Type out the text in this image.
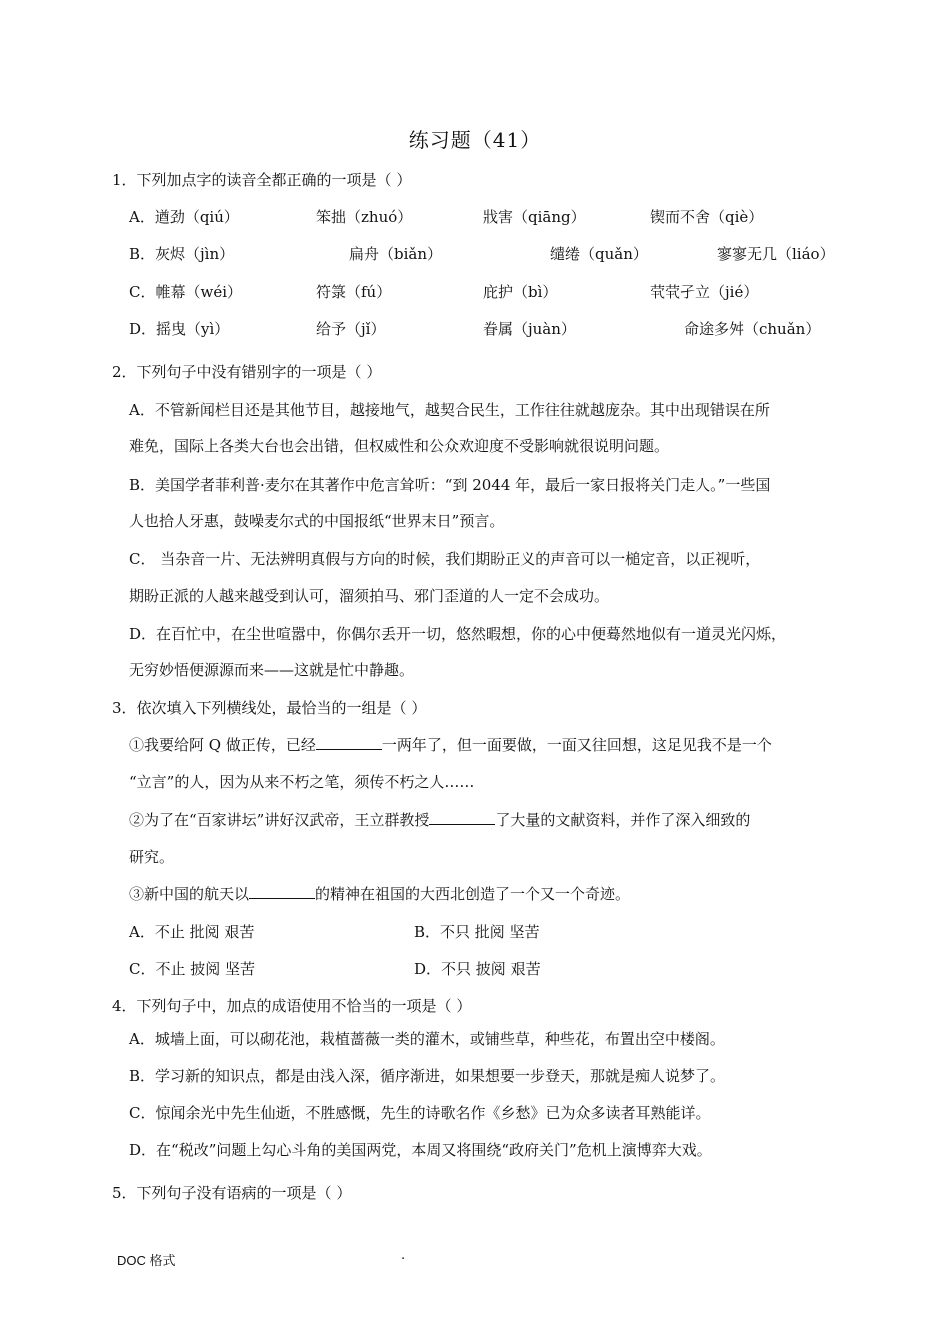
练习题（41）
1．下列加点字的读音全都正确的一项是（ ）
A．遒劲（qiú）	笨拙（zhuó）	戕害（qiāng）	锲而不舍（qiè）
B．灰烬（jìn）	扁舟（biǎn）	缱绻（quǎn）	寥寥无几（liáo）
C．帷幕（wéi）	符箓（fú）	庇护（bì）	茕茕孑立（jié）
D．摇曳（yì）	给予（jǐ）	眷属（juàn）	命途多舛（chuǎn）
2．下列句子中没有错别字的一项是（ ）
A．不管新闻栏目还是其他节目，越接地气，越契合民生，工作往往就越庞杂。其中出现错误在所
难免，国际上各类大台也会出错，但权威性和公众欢迎度不受影响就很说明问题。
B．美国学者菲利普·麦尔在其著作中危言耸听：“到 2044 年，最后一家日报将关门走人。”一些国
人也拾人牙惠，鼓噪麦尔式的中国报纸“世界末日”预言。
C． 当杂音一片、无法辨明真假与方向的时候，我们期盼正义的声音可以一槌定音，以正视听，
期盼正派的人越来越受到认可，溜须拍马、邪门歪道的人一定不会成功。
D．在百忙中，在尘世喧嚣中，你偶尔丢开一切，悠然暇想，你的心中便蓦然地似有一道灵光闪烁，
无穷妙悟便源源而来——这就是忙中静趣。
3．依次填入下列横线处，最恰当的一组是（ ）
①我要给阿 Q 做正传，已经	一两年了，但一面要做，一面又往回想，这足见我不是一个
“立言”的人，因为从来不朽之笔，须传不朽之人……
②为了在“百家讲坛”讲好汉武帝，王立群教授	了大量的文献资料，并作了深入细致的
研究。
③新中国的航天以	的精神在祖国的大西北创造了一个又一个奇迹。
A．不止 批阅 艰苦	B．不只 批阅 坚苦
C．不止 披阅 坚苦	D．不只 披阅 艰苦
4．下列句子中，加点的成语使用不恰当的一项是（ ）
A．城墙上面，可以砌花池，栽植蔷薇一类的灌木，或铺些草，种些花，布置出空中楼阁。
B．学习新的知识点，都是由浅入深，循序渐进，如果想要一步登天，那就是痴人说梦了。
C．惊闻余光中先生仙逝，不胜感慨，先生的诗歌名作《乡愁》已为众多读者耳熟能详。
D．在“税改”问题上勾心斗角的美国两党，本周又将围绕“政府关门”危机上演博弈大戏。
5．下列句子没有语病的一项是（ ）
DOC 格式	.
